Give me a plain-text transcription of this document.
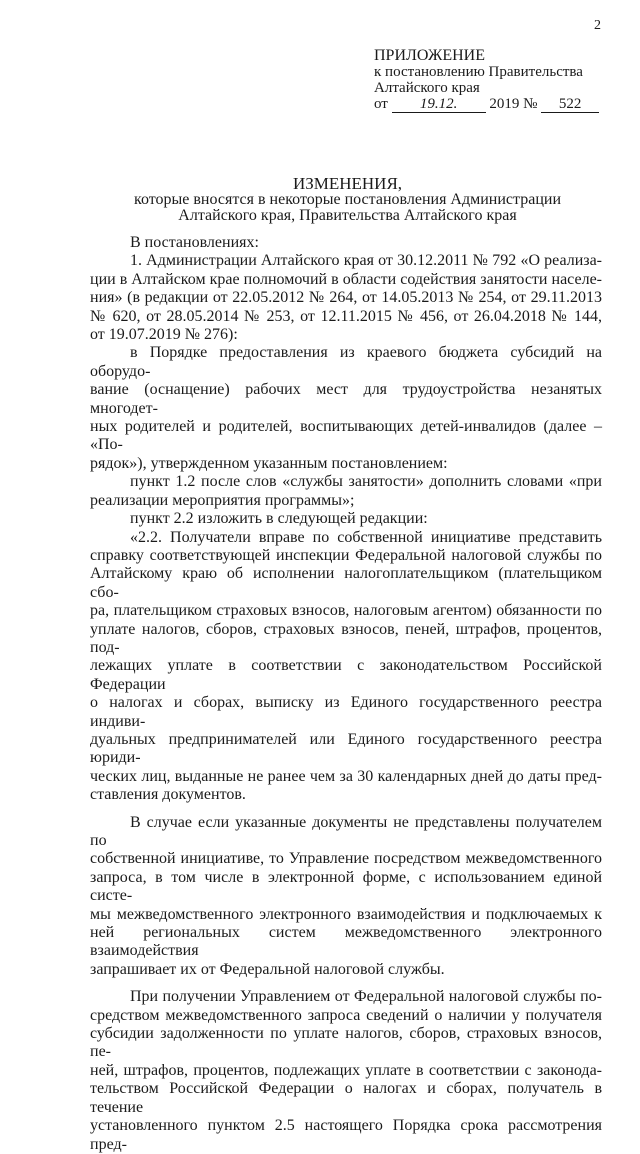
2
ПРИЛОЖЕНИЕ
к постановлению Правительства
Алтайского края
от 19.12. 2019 № 522
ИЗМЕНЕНИЯ,
которые вносятся в некоторые постановления Администрации
Алтайского края, Правительства Алтайского края

В постановлениях:

1. Администрации Алтайского края от 30.12.2011 № 792 «О реализа-

ции в Алтайском крае полномочий в области содействия занятости населе-

ния» (в редакции от 22.05.2012 № 264, от 14.05.2013 № 254, от 29.11.2013

№ 620, от 28.05.2014 № 253, от 12.11.2015 № 456, от 26.04.2018 № 144,

от 19.07.2019 № 276):

в Порядке предоставления из краевого бюджета субсидий на оборудо-

вание (оснащение) рабочих мест для трудоустройства незанятых многодет-

ных родителей и родителей, воспитывающих детей-инвалидов (далее – «По-

рядок»), утвержденном указанным постановлением:

пункт 1.2 после слов «службы занятости» дополнить словами «при

реализации мероприятия программы»;

пункт 2.2 изложить в следующей редакции:

«2.2. Получатели вправе по собственной инициативе представить

справку соответствующей инспекции Федеральной налоговой службы по

Алтайскому краю об исполнении налогоплательщиком (плательщиком сбо-

ра, плательщиком страховых взносов, налоговым агентом) обязанности по

уплате налогов, сборов, страховых взносов, пеней, штрафов, процентов, под-

лежащих уплате в соответствии с законодательством Российской Федерации

о налогах и сборах, выписку из Единого государственного реестра индиви-

дуальных предпринимателей или Единого государственного реестра юриди-

ческих лиц, выданные не ранее чем за 30 календарных дней до даты пред-

ставления документов.

В случае если указанные документы не представлены получателем по

собственной инициативе, то Управление посредством межведомственного

запроса, в том числе в электронной форме, с использованием единой систе-

мы межведомственного электронного взаимодействия и подключаемых к

ней региональных систем межведомственного электронного взаимодействия

запрашивает их от Федеральной налоговой службы.

При получении Управлением от Федеральной налоговой службы по-

средством межведомственного запроса сведений о наличии у получателя

субсидии задолженности по уплате налогов, сборов, страховых взносов, пе-

ней, штрафов, процентов, подлежащих уплате в соответствии с законода-

тельством Российской Федерации о налогах и сборах, получатель в течение

установленного пунктом 2.5 настоящего Порядка срока рассмотрения пред-
